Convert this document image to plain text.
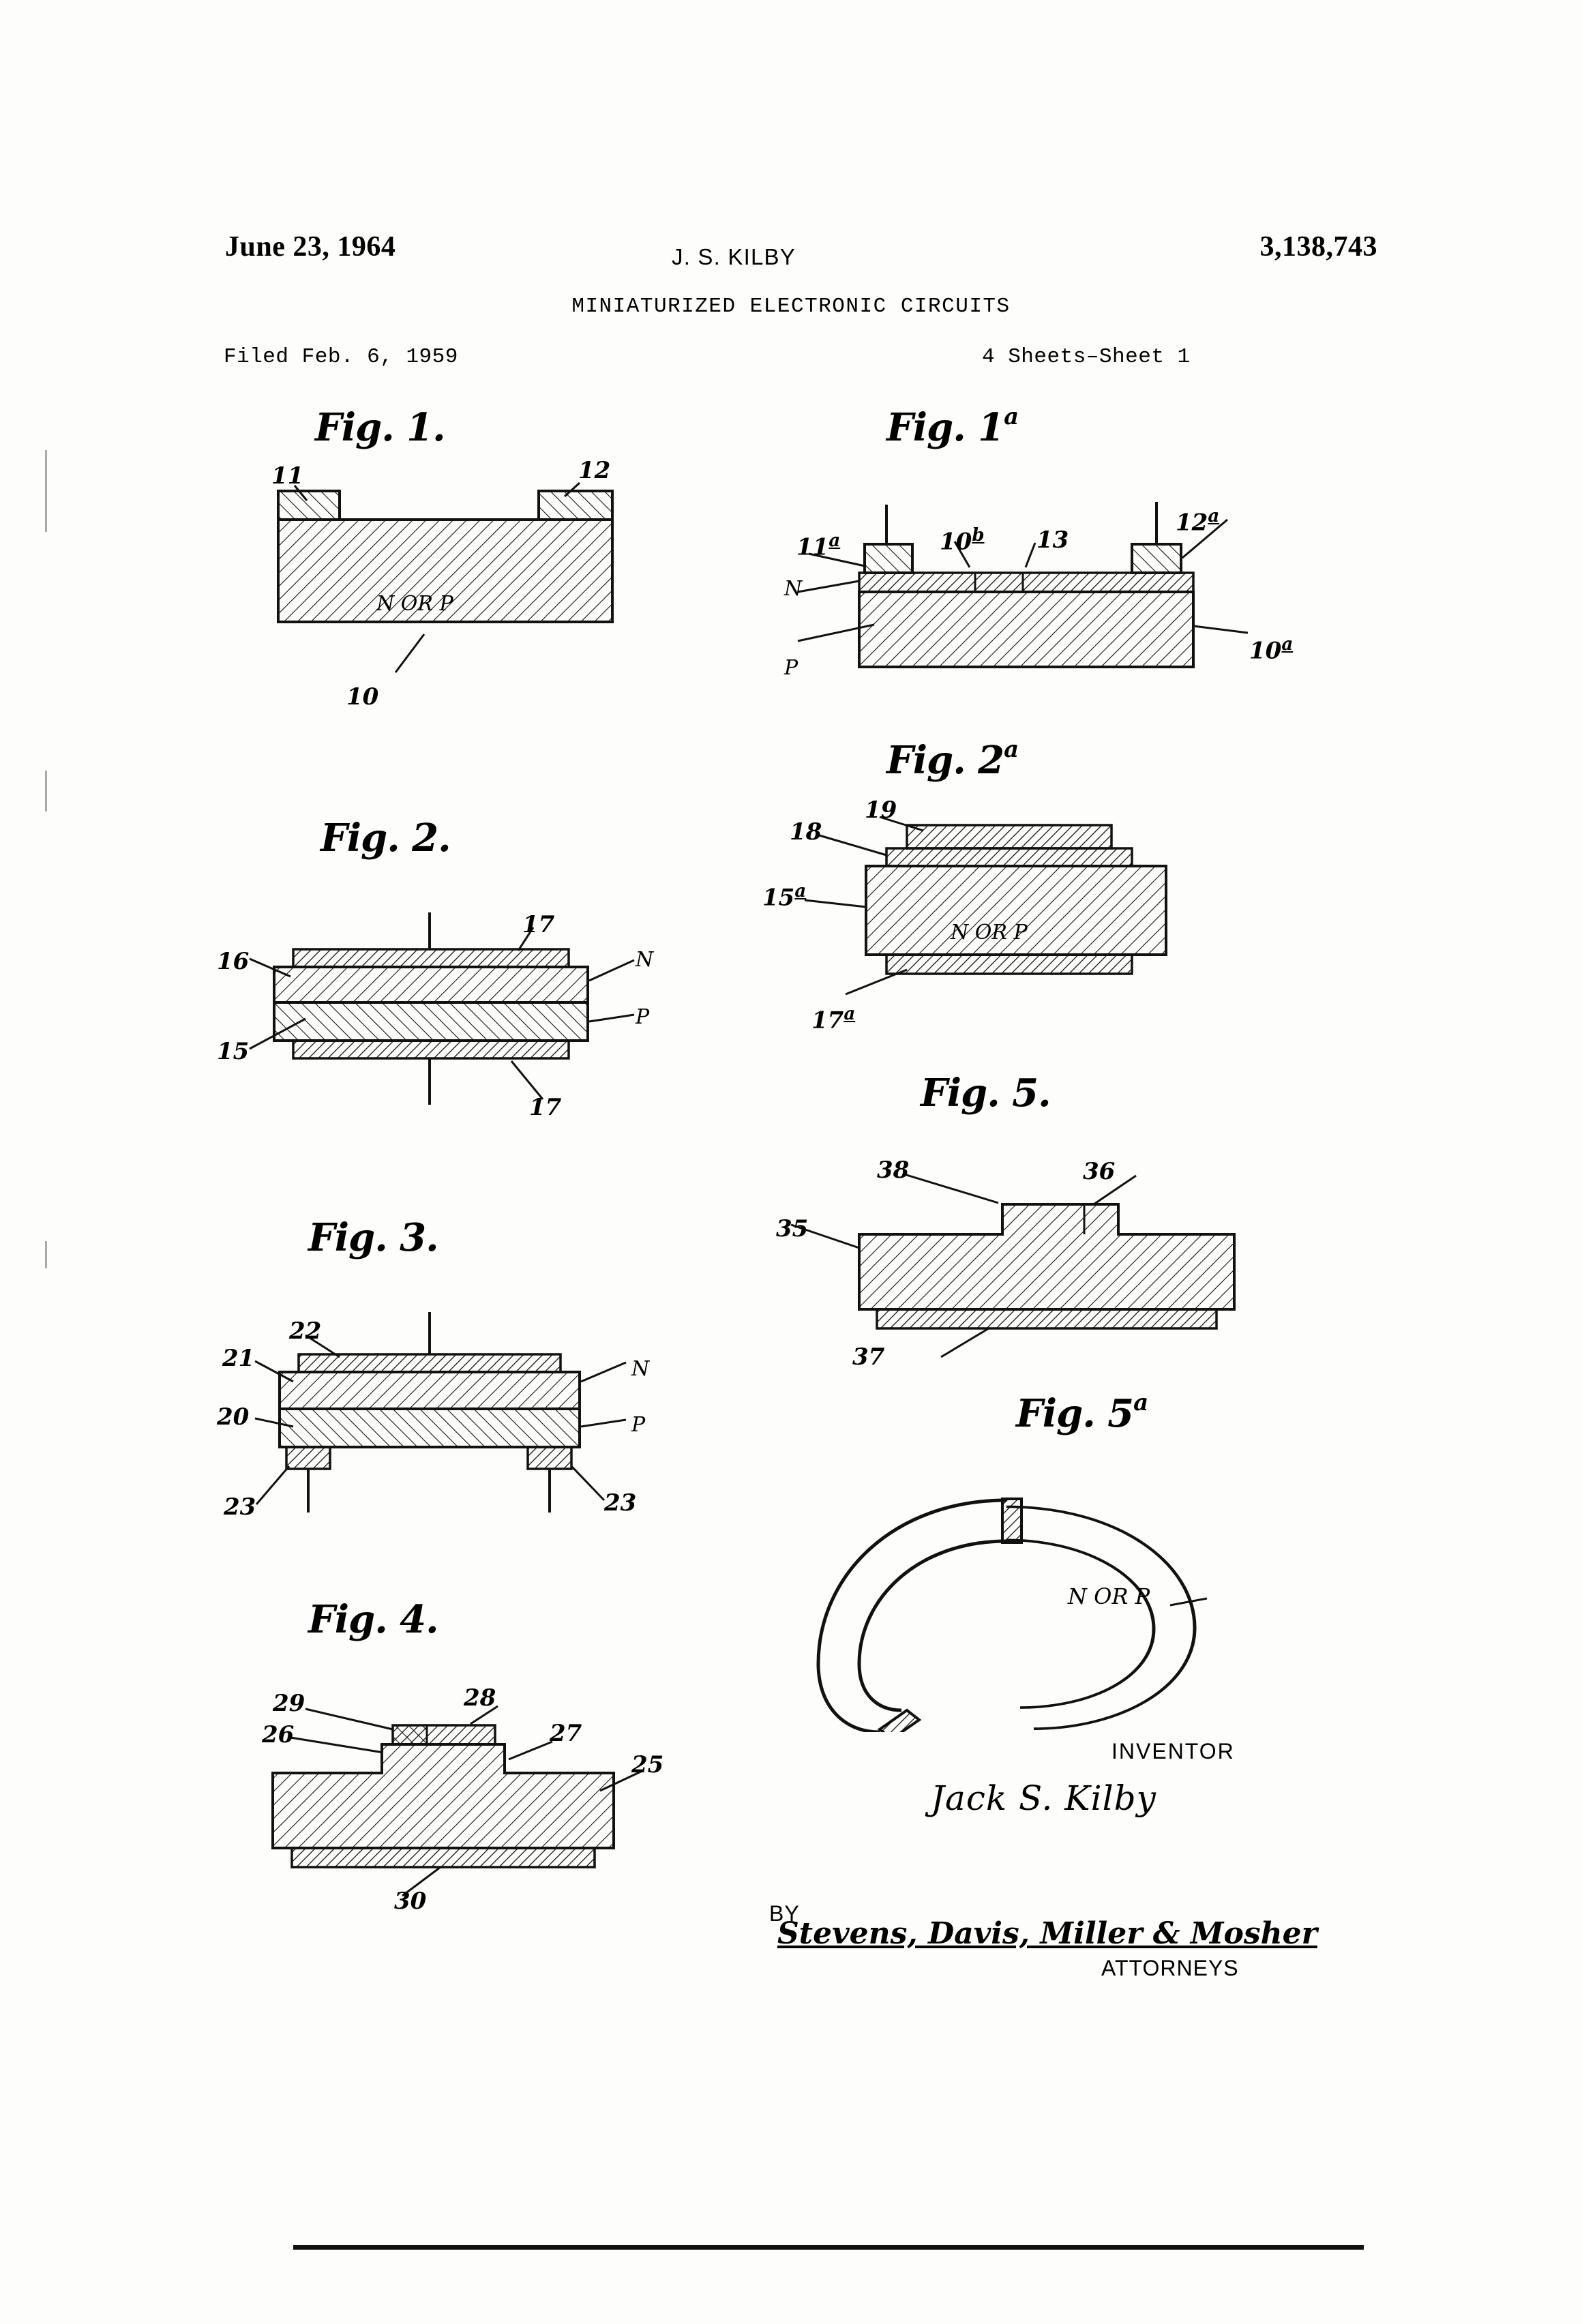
June 23, 1964	J. S. KILBY	3,138,743
MINIATURIZED ELECTRONIC CIRCUITS
Filed Feb. 6, 1959	4 Sheets–Sheet 1
Fig. 1.
11	12
10
N OR P
Fig. 1$^a$
11$^a$	10$^b$ 13
12$^a$
10$^a$
N
P
Fig. 2.
16
17
15
17
N
P
Fig. 2$^a$
19
18
15$^a$
17$^a$
N OR P
Fig. 3.
22
21
20
23	23
N
P
Fig. 4.
29	28
26	27
25
30
Fig. 5.
38	36
35
37
Fig. 5$^a$
N OR P
INVENTOR
Jack S. Kilby
BY
Stevens, Davis, Miller & Mosher
ATTORNEYS
